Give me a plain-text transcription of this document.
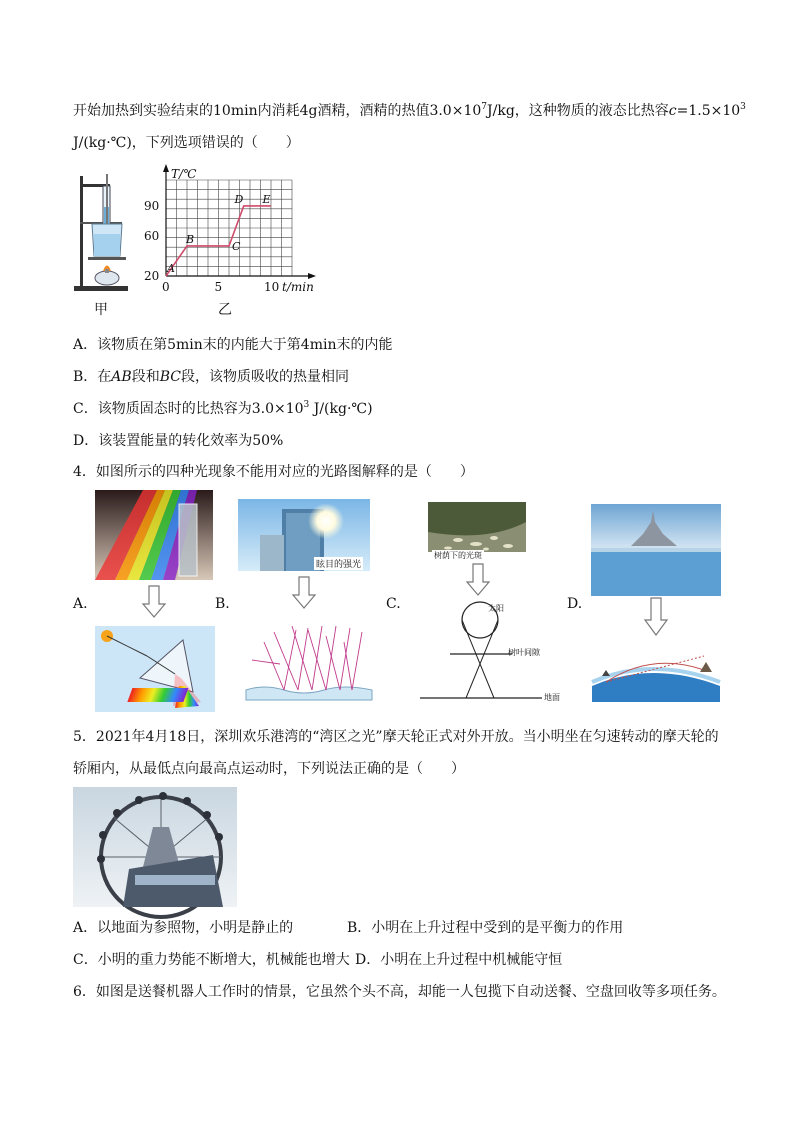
开始加热到实验结束的10min内消耗4g酒精，酒精的热值$3.0\times 10^7J/kg$，这种物质的液态比热容$c=1.5\times 10^3$
J/(kg·℃)，下列选项错误的（　　）
甲
20
60
90
0	5	10
T/℃
t/min
A
B
C
D E
乙
A．该物质在第5min末的内能大于第4min末的内能
B．在AB段和BC段，该物质吸收的热量相同
C．该物质固态时的比热容为$3.0\times 10^3$ J/(kg·℃)
D．该装置能量的转化效率为50%
4．如图所示的四种光现象不能用对应的光路图解释的是（　　）
A.
眩目的强光
B.
树荫下的光斑
C.	太阳
树叶间隙
地面
D.
5．2021年4月18日，深圳欢乐港湾的“湾区之光”摩天轮正式对外开放。当小明坐在匀速转动的摩天轮的
轿厢内，从最低点向最高点运动时，下列说法正确的是（　　）
A．以地面为参照物，小明是静止的	B．小明在上升过程中受到的是平衡力的作用
C．小明的重力势能不断增大，机械能也增大 D．小明在上升过程中机械能守恒
6．如图是送餐机器人工作时的情景，它虽然个头不高，却能一人包揽下自动送餐、空盘回收等多项任务。
